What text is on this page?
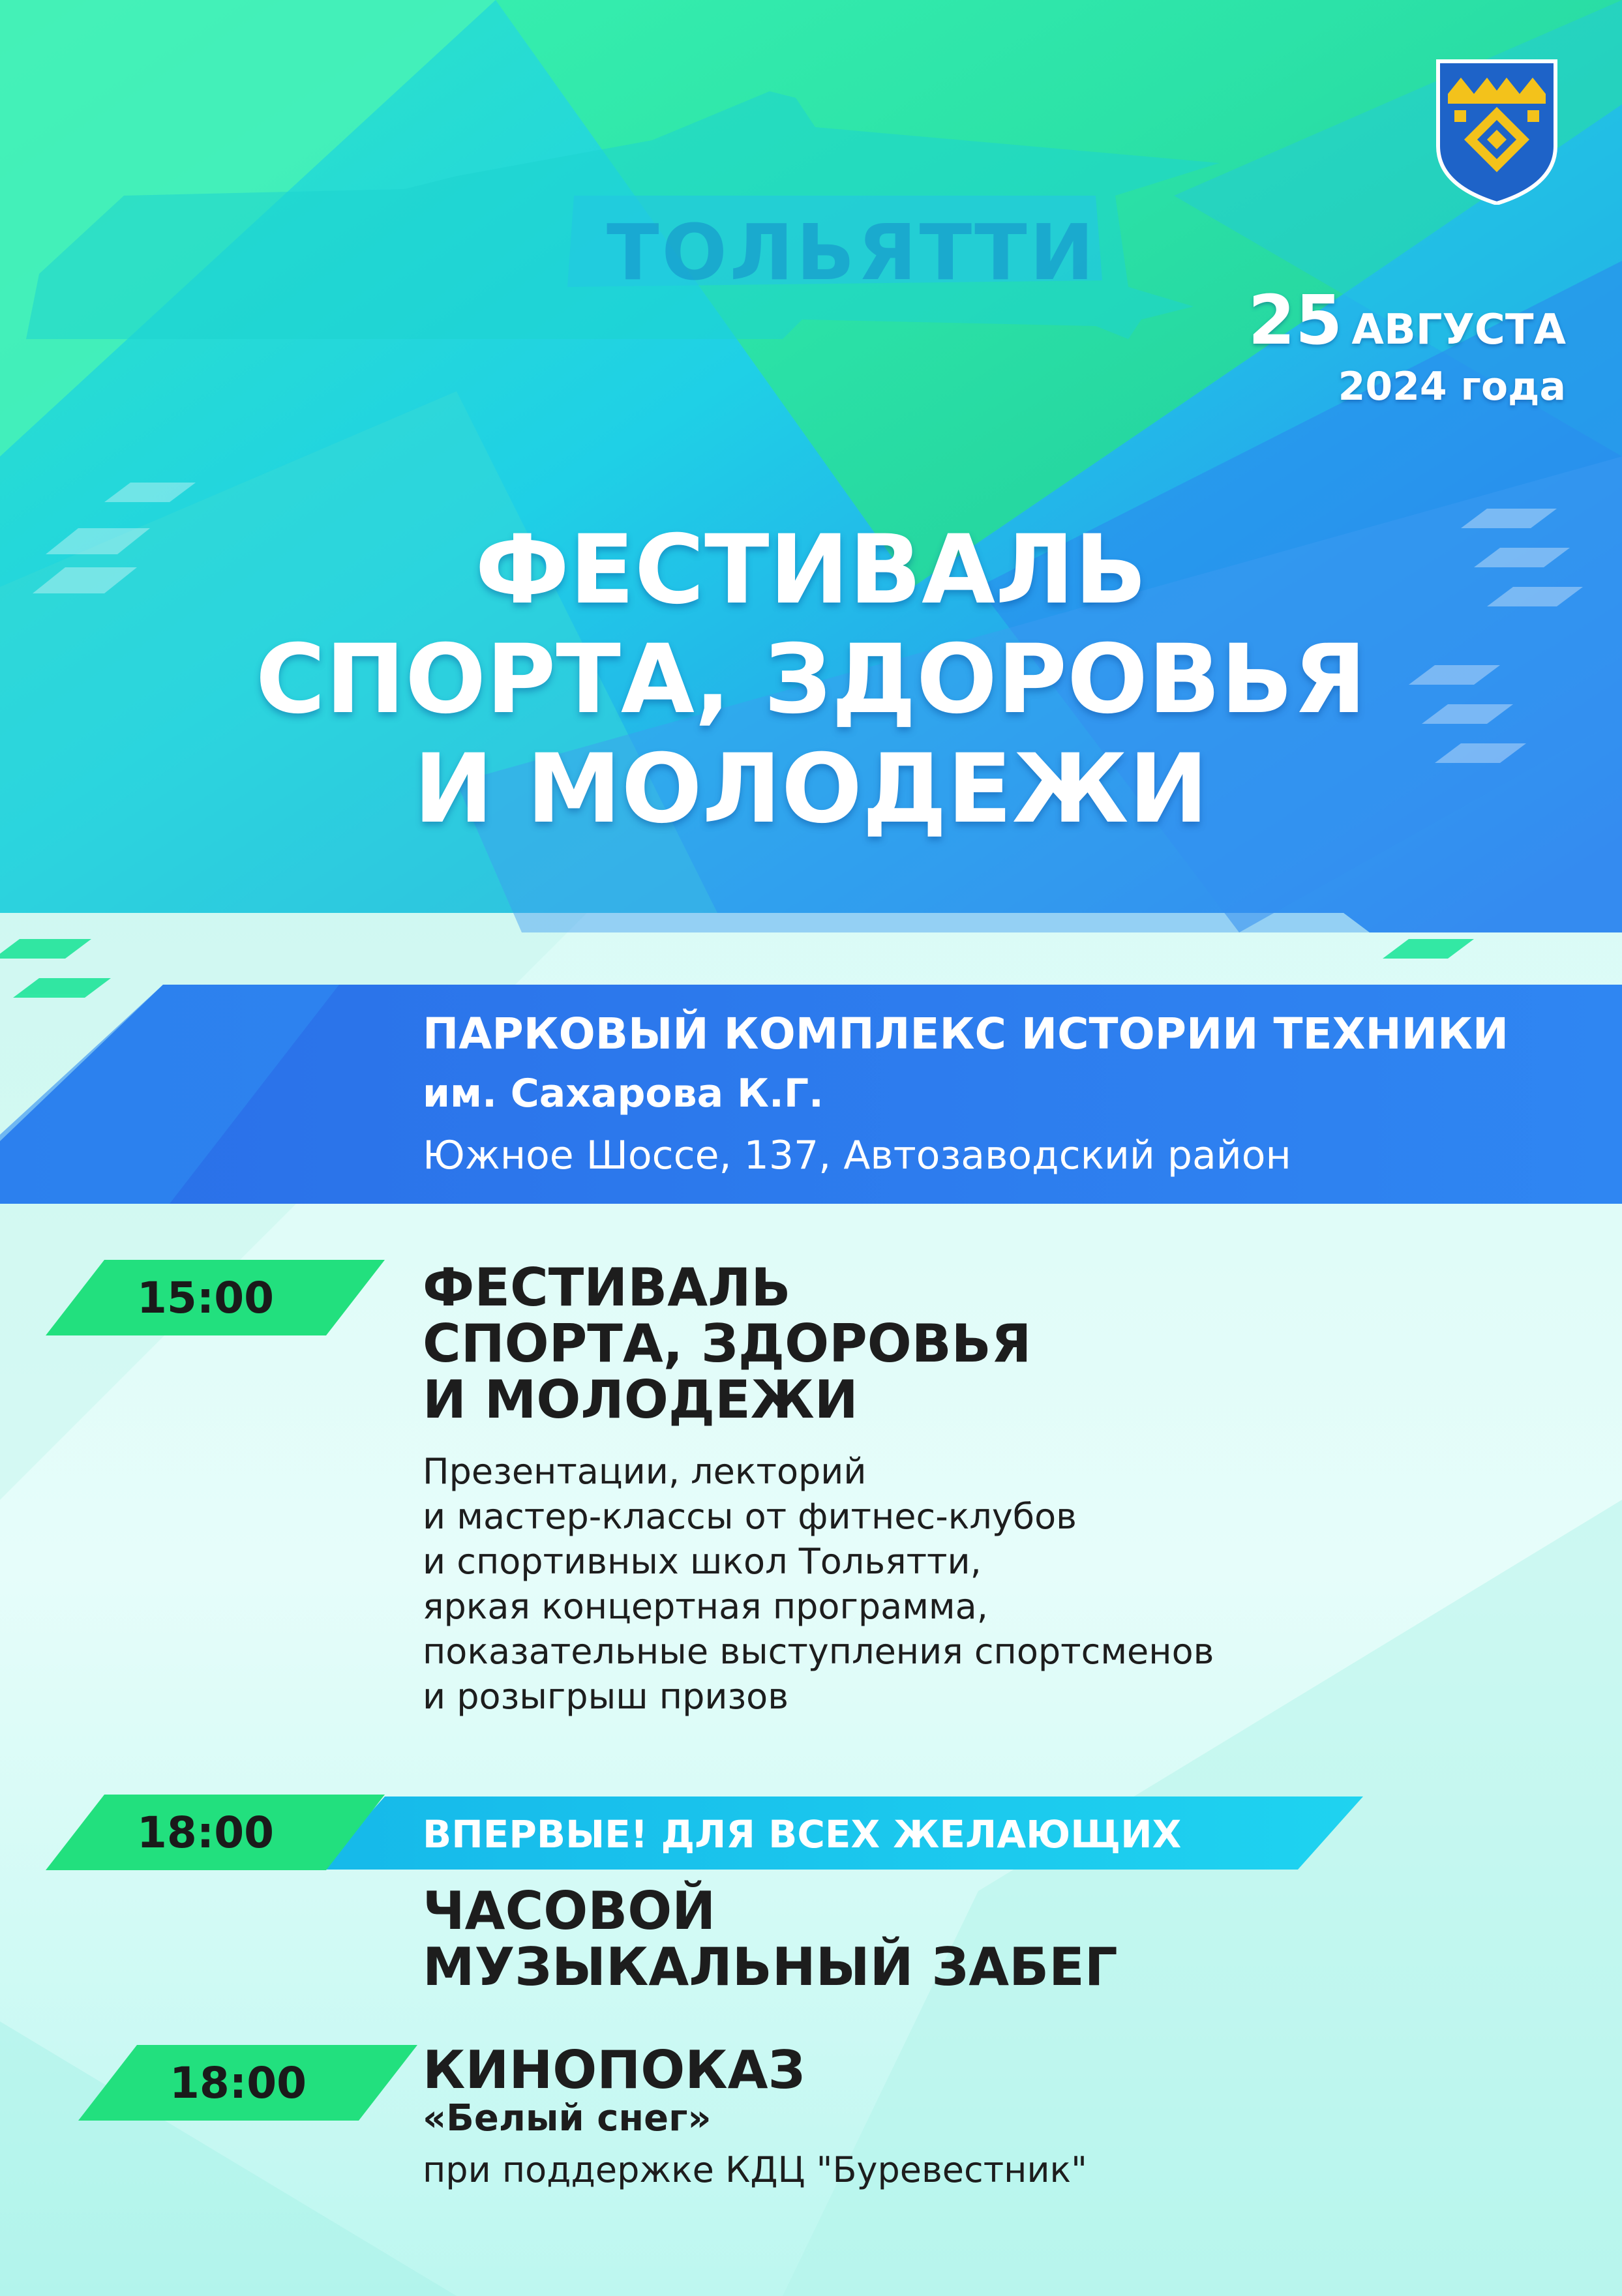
ТОЛЬЯТТИ
25 АВГУСТА
2024 года
ФЕСТИВАЛЬ
СПОРТА, ЗДОРОВЬЯ
И МОЛОДЕЖИ
ПАРКОВЫЙ КОМПЛЕКС ИСТОРИИ ТЕХНИКИ
им. Сахарова К.Г.
Южное Шоссе, 137, Автозаводский район
15:00	ФЕСТИВАЛЬ
СПОРТА, ЗДОРОВЬЯ
И МОЛОДЕЖИ
Презентации, лекторий
и мастер-классы от фитнес-клубов
и спортивных школ Тольятти,
яркая концертная программа,
показательные выступления спортсменов
и розыгрыш призов
18:00	ВПЕРВЫЕ! ДЛЯ ВСЕХ ЖЕЛАЮЩИХ
ЧАСОВОЙ
МУЗЫКАЛЬНЫЙ ЗАБЕГ
18:00	КИНОПОКАЗ
«Белый снег»
при поддержке КДЦ "Буревестник"
